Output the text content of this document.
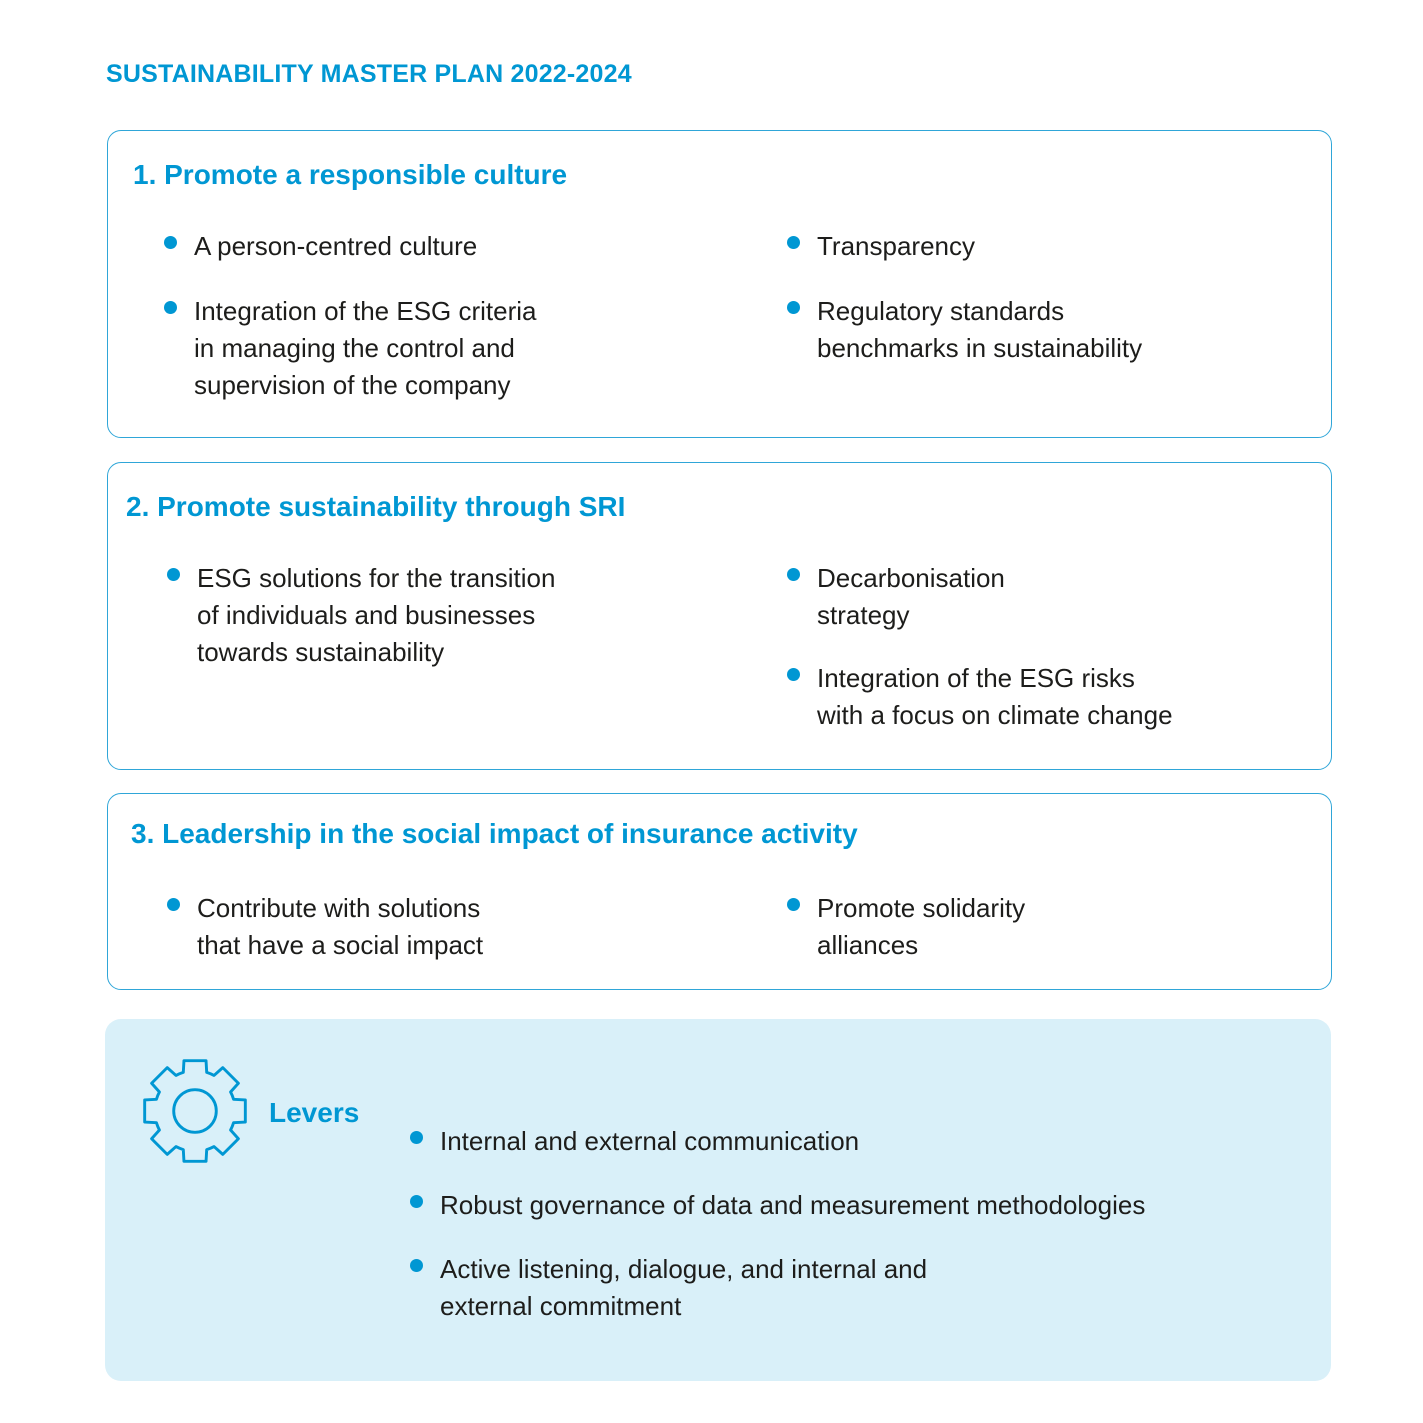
SUSTAINABILITY MASTER PLAN 2022-2024
1. Promote a responsible culture
A person-centred culture
Integration of the ESG criteria
in managing the control and
supervision of the company
Transparency
Regulatory standards
benchmarks in sustainability
2. Promote sustainability through SRI
ESG solutions for the transition
of individuals and businesses
towards sustainability
Decarbonisation
strategy
Integration of the ESG risks
with a focus on climate change
3. Leadership in the social impact of insurance activity
Contribute with solutions
that have a social impact
Promote solidarity
alliances
Levers
Internal and external communication
Robust governance of data and measurement methodologies
Active listening, dialogue, and internal and
external commitment
